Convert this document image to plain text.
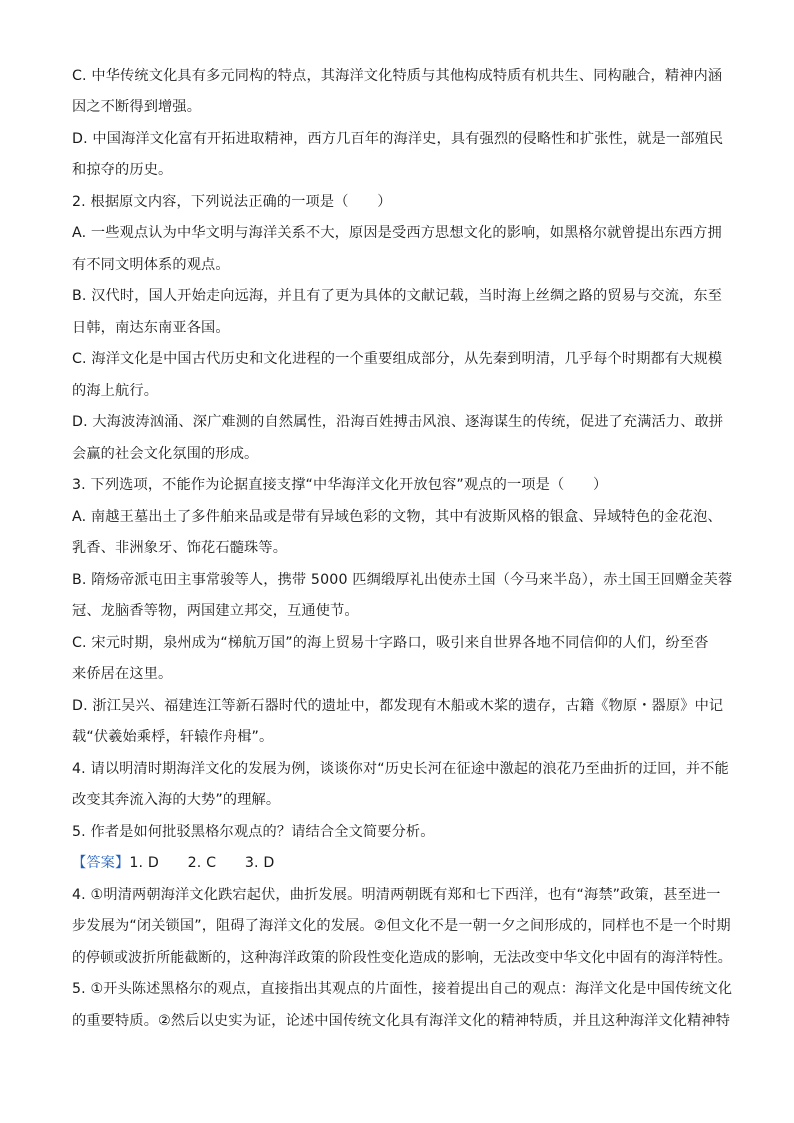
C. 中华传统文化具有多元同构的特点，其海洋文化特质与其他构成特质有机共生、同构融合，精神内涵
因之不断得到增强。
D. 中国海洋文化富有开拓进取精神，西方几百年的海洋史，具有强烈的侵略性和扩张性，就是一部殖民
和掠夺的历史。
2. 根据原文内容，下列说法正确的一项是（　　）
A. 一些观点认为中华文明与海洋关系不大，原因是受西方思想文化的影响，如黑格尔就曾提出东西方拥
有不同文明体系的观点。
B. 汉代时，国人开始走向远海，并且有了更为具体的文献记载，当时海上丝绸之路的贸易与交流，东至
日韩，南达东南亚各国。
C. 海洋文化是中国古代历史和文化进程的一个重要组成部分，从先秦到明清，几乎每个时期都有大规模
的海上航行。
D. 大海波涛汹涌、深广难测的自然属性，沿海百姓搏击风浪、逐海谋生的传统，促进了充满活力、敢拼
会赢的社会文化氛围的形成。
3. 下列选项，不能作为论据直接支撑“中华海洋文化开放包容”观点的一项是（　　）
A. 南越王墓出土了多件舶来品或是带有异域色彩的文物，其中有波斯风格的银盒、异域特色的金花泡、
乳香、非洲象牙、饰花石髓珠等。
B. 隋炀帝派屯田主事常骏等人，携带 5000 匹绸缎厚礼出使赤土国（今马来半岛），赤土国王回赠金芙蓉
冠、龙脑香等物，两国建立邦交，互通使节。
C. 宋元时期，泉州成为“梯航万国”的海上贸易十字路口，吸引来自世界各地不同信仰的人们，纷至沓
来侨居在这里。
D. 浙江吴兴、福建连江等新石器时代的遗址中，都发现有木船或木桨的遗存，古籍《物原・器原》中记
载“伏羲始乘桴，轩辕作舟楫”。
4. 请以明清时期海洋文化的发展为例，谈谈你对“历史长河在征途中激起的浪花乃至曲折的迂回，并不能
改变其奔流入海的大势”的理解。
5. 作者是如何批驳黑格尔观点的？请结合全文简要分析。
【答案】1. D　　2. C　　3. D
4. ①明清两朝海洋文化跌宕起伏，曲折发展。明清两朝既有郑和七下西洋，也有“海禁”政策，甚至进一
步发展为“闭关锁国”，阻碍了海洋文化的发展。②但文化不是一朝一夕之间形成的，同样也不是一个时期
的停顿或波折所能截断的，这种海洋政策的阶段性变化造成的影响，无法改变中华文化中固有的海洋特性。
5. ①开头陈述黑格尔的观点，直接指出其观点的片面性，接着提出自己的观点：海洋文化是中国传统文化
的重要特质。②然后以史实为证，论述中国传统文化具有海洋文化的精神特质，并且这种海洋文化精神特
